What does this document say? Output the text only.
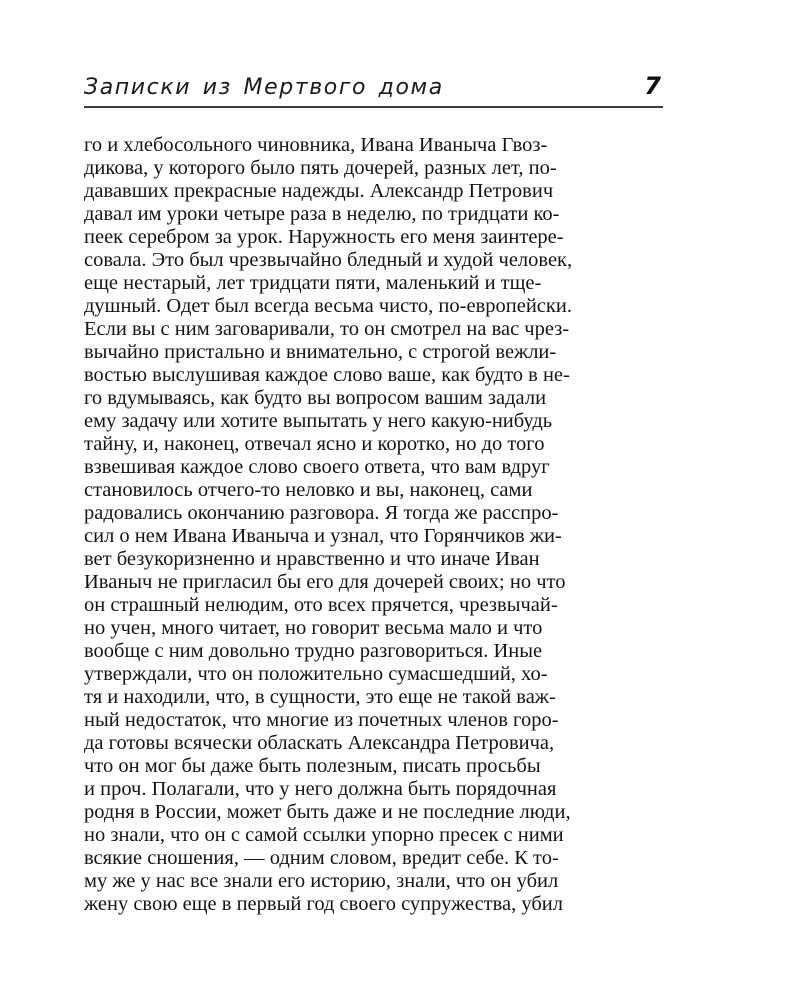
Записки из Мертвого дома	7
го и хлебосольного чиновника, Ивана Иваныча Гвоз-
дикова, у которого было пять дочерей, разных лет, по-
дававших прекрасные надежды. Александр Петрович
давал им уроки четыре раза в неделю, по тридцати ко-
пеек серебром за урок. Наружность его меня заинтере-
совала. Это был чрезвычайно бледный и худой человек,
еще нестарый, лет тридцати пяти, маленький и тще-
душный. Одет был всегда весьма чисто, по-европейски.
Если вы с ним заговаривали, то он смотрел на вас чрез-
вычайно пристально и внимательно, с строгой вежли-
востью выслушивая каждое слово ваше, как будто в не-
го вдумываясь, как будто вы вопросом вашим задали
ему задачу или хотите выпытать у него какую-нибудь
тайну, и, наконец, отвечал ясно и коротко, но до того
взвешивая каждое слово своего ответа, что вам вдруг
становилось отчего-то неловко и вы, наконец, сами
радовались окончанию разговора. Я тогда же расспро-
сил о нем Ивана Иваныча и узнал, что Горянчиков жи-
вет безукоризненно и нравственно и что иначе Иван
Иваныч не пригласил бы его для дочерей своих; но что
он страшный нелюдим, ото всех прячется, чрезвычай-
но учен, много читает, но говорит весьма мало и что
вообще с ним довольно трудно разговориться. Иные
утверждали, что он положительно сумасшедший, хо-
тя и находили, что, в сущности, это еще не такой важ-
ный недостаток, что многие из почетных членов горо-
да готовы всячески обласкать Александра Петровича,
что он мог бы даже быть полезным, писать просьбы
и проч. Полагали, что у него должна быть порядочная
родня в России, может быть даже и не последние люди,
но знали, что он с самой ссылки упорно пресек с ними
всякие сношения, — одним словом, вредит себе. К то-
му же у нас все знали его историю, знали, что он убил
жену свою еще в первый год своего супружества, убил
